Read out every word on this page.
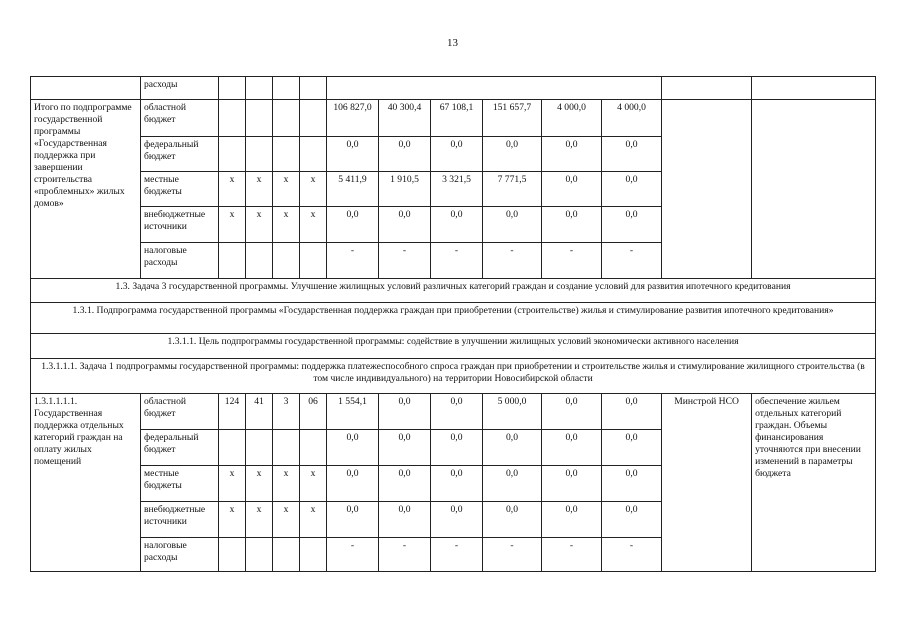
13
	расходы												
Итого по подпрограмме государственной программы «Государственная поддержка при завершении строительства «проблемных» жилых домов»	областной бюджет					106 827,0	40 300,4	67 108,1	151 657,7	4 000,0	4 000,0		
	федеральный бюджет					0,0	0,0	0,0	0,0	0,0	0,0		
	местные бюджеты	x	x	x	x	5 411,9	1 910,5	3 321,5	7 771,5	0,0	0,0		
	внебюджетные источники	x	x	x	x	0,0	0,0	0,0	0,0	0,0	0,0		
	налоговые расходы					-	-	-	-	-	-		
1.3. Задача 3 государственной программы. Улучшение жилищных условий различных категорий граждан и создание условий для развития ипотечного кредитования													
1.3.1. Подпрограмма государственной программы «Государственная поддержка граждан при приобретении (строительстве) жилья и стимулирование развития ипотечного кредитования»													
1.3.1.1. Цель подпрограммы государственной программы: содействие в улучшении жилищных условий экономически активного населения													
1.3.1.1.1. Задача 1 подпрограммы государственной программы: поддержка платежеспособного спроса граждан при приобретении и строительстве жилья и стимулирование жилищного строительства (в том числе индивидуального) на территории Новосибирской области													
1.3.1.1.1.1. Государственная поддержка отдельных категорий граждан на оплату жилых помещений	областной бюджет	124	41	3	06	1 554,1	0,0	0,0	5 000,0	0,0	0,0	Минстрой НСО	обеспечение жильем отдельных категорий граждан. Объемы финансирования уточняются при внесении изменений в параметры бюджета
	федеральный бюджет					0,0	0,0	0,0	0,0	0,0	0,0		
	местные бюджеты	x	x	x	x	0,0	0,0	0,0	0,0	0,0	0,0		
	внебюджетные источники	x	x	x	x	0,0	0,0	0,0	0,0	0,0	0,0		
	налоговые расходы					-	-	-	-	-	-		
